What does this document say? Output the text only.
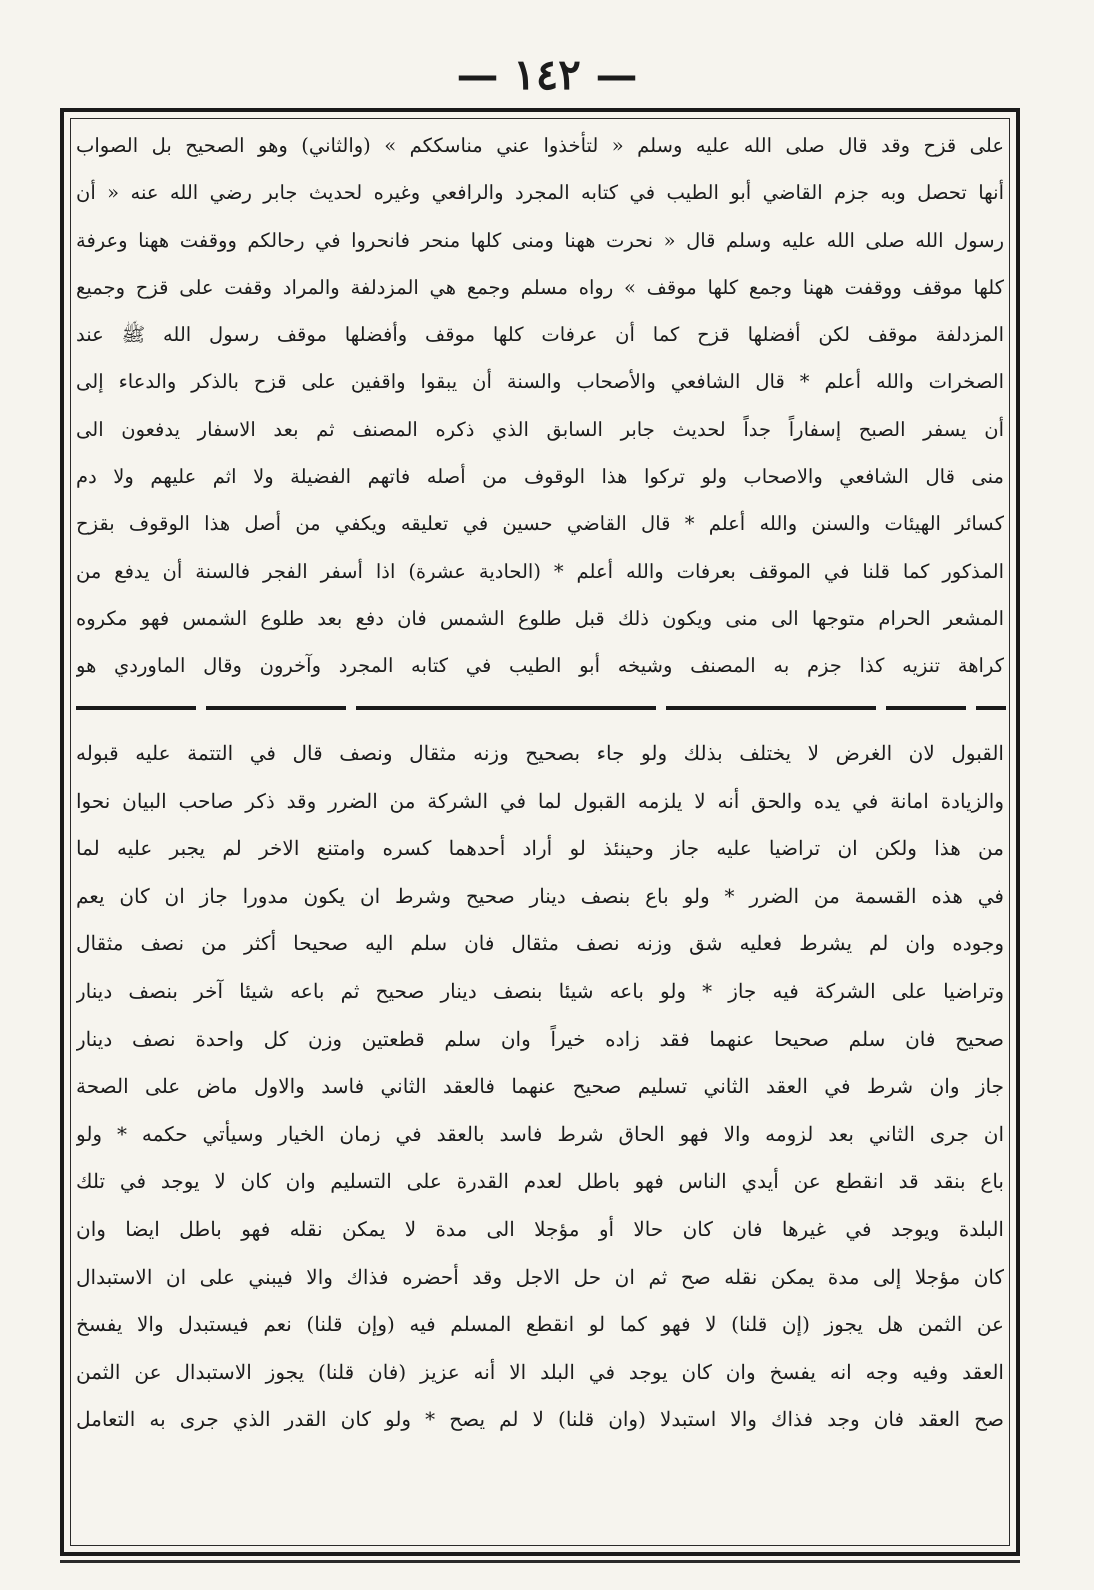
— ١٤٢ —
على قزح وقد قال صلى الله عليه وسلم « لتأخذوا عني مناسككم » (والثاني) وهو الصحيح بل الصواب
أنها تحصل وبه جزم القاضي أبو الطيب في كتابه المجرد والرافعي وغيره لحديث جابر رضي الله عنه « أن
رسول الله صلى الله عليه وسلم قال « نحرت ههنا ومنى كلها منحر فانحروا في رحالكم ووقفت ههنا وعرفة
كلها موقف ووقفت ههنا وجمع كلها موقف » رواه مسلم وجمع هي المزدلفة والمراد وقفت على قزح وجميع
المزدلفة موقف لكن أفضلها قزح كما أن عرفات كلها موقف وأفضلها موقف رسول الله ﷺ عند
الصخرات والله أعلم * قال الشافعي والأصحاب والسنة أن يبقوا واقفين على قزح بالذكر والدعاء إلى
أن يسفر الصبح إسفاراً جداً لحديث جابر السابق الذي ذكره المصنف ثم بعد الاسفار يدفعون الى
منى قال الشافعي والاصحاب ولو تركوا هذا الوقوف من أصله فاتهم الفضيلة ولا اثم عليهم ولا دم
كسائر الهيئات والسنن والله أعلم * قال القاضي حسين في تعليقه ويكفي من أصل هذا الوقوف بقزح
المذكور كما قلنا في الموقف بعرفات والله أعلم * (الحادية عشرة) اذا أسفر الفجر فالسنة أن يدفع من
المشعر الحرام متوجها الى منى ويكون ذلك قبل طلوع الشمس فان دفع بعد طلوع الشمس فهو مكروه
كراهة تنزيه كذا جزم به المصنف وشيخه أبو الطيب في كتابه المجرد وآخرون وقال الماوردي هو
القبول لان الغرض لا يختلف بذلك ولو جاء بصحيح وزنه مثقال ونصف قال في التتمة عليه قبوله
والزيادة امانة في يده والحق أنه لا يلزمه القبول لما في الشركة من الضرر وقد ذكر صاحب البيان نحوا
من هذا ولكن ان تراضيا عليه جاز وحينئذ لو أراد أحدهما كسره وامتنع الاخر لم يجبر عليه لما
في هذه القسمة من الضرر * ولو باع بنصف دينار صحيح وشرط ان يكون مدورا جاز ان كان يعم
وجوده وان لم يشرط فعليه شق وزنه نصف مثقال فان سلم اليه صحيحا أكثر من نصف مثقال
وتراضيا على الشركة فيه جاز * ولو باعه شيئا بنصف دينار صحيح ثم باعه شيئا آخر بنصف دينار
صحيح فان سلم صحيحا عنهما فقد زاده خيراً وان سلم قطعتين وزن كل واحدة نصف دينار
جاز وان شرط في العقد الثاني تسليم صحيح عنهما فالعقد الثاني فاسد والاول ماض على الصحة
ان جرى الثاني بعد لزومه والا فهو الحاق شرط فاسد بالعقد في زمان الخيار وسيأتي حكمه * ولو
باع بنقد قد انقطع عن أيدي الناس فهو باطل لعدم القدرة على التسليم وان كان لا يوجد في تلك
البلدة ويوجد في غيرها فان كان حالا أو مؤجلا الى مدة لا يمكن نقله فهو باطل ايضا وان
كان مؤجلا إلى مدة يمكن نقله صح ثم ان حل الاجل وقد أحضره فذاك والا فيبني على ان الاستبدال
عن الثمن هل يجوز (إن قلنا) لا فهو كما لو انقطع المسلم فيه (وإن قلنا) نعم فيستبدل والا يفسخ
العقد وفيه وجه انه يفسخ وان كان يوجد في البلد الا أنه عزيز (فان قلنا) يجوز الاستبدال عن الثمن
صح العقد فان وجد فذاك والا استبدلا (وان قلنا) لا لم يصح * ولو كان القدر الذي جرى به التعامل
